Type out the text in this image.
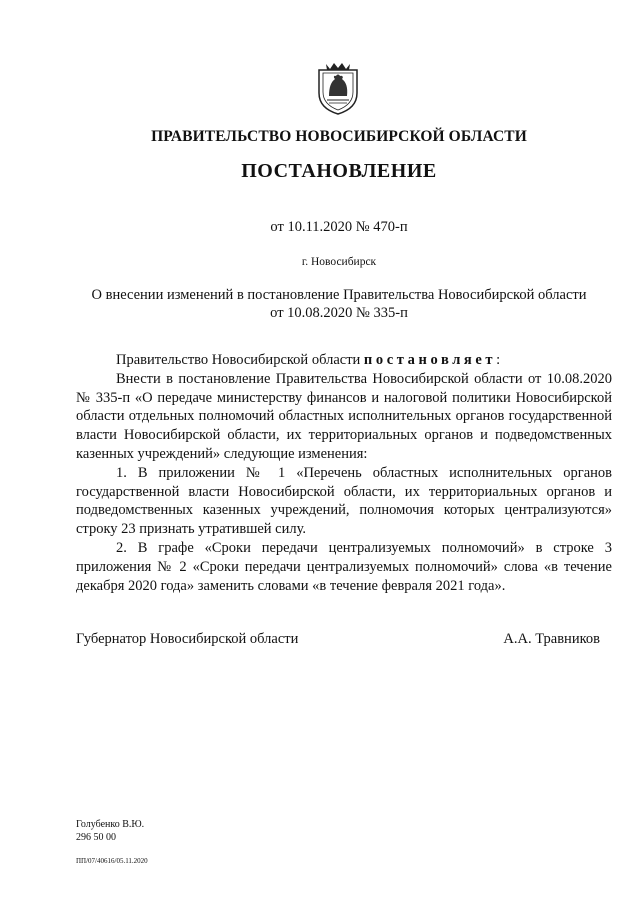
ПРАВИТЕЛЬСТВО НОВОСИБИРСКОЙ ОБЛАСТИ
ПОСТАНОВЛЕНИЕ
от 10.11.2020 № 470-п
г. Новосибирск
О внесении изменений в постановление Правительства Новосибирской области
от 10.08.2020 № 335-п

Правительство Новосибирской области постановляет:

Внести в постановление Правительства Новосибирской области от 10.08.2020 № 335-п «О передаче министерству финансов и налоговой политики Новосибирской области отдельных полномочий областных исполнительных органов государственной власти Новосибирской области, их территориальных органов и подведомственных казенных учреждений» следующие изменения:

1. В приложении № 1 «Перечень областных исполнительных органов государственной власти Новосибирской области, их территориальных органов и подведомственных казенных учреждений, полномочия которых централизуются» строку 23 признать утратившей силу.

2. В графе «Сроки передачи централизуемых полномочий» в строке 3 приложения № 2 «Сроки передачи централизуемых полномочий» слова «в течение декабря 2020 года» заменить словами «в течение февраля 2021 года».

Губернатор Новосибирской области	А.А. Травников
Голубенко В.Ю.
296 50 00
ПП/07/40616/05.11.2020
